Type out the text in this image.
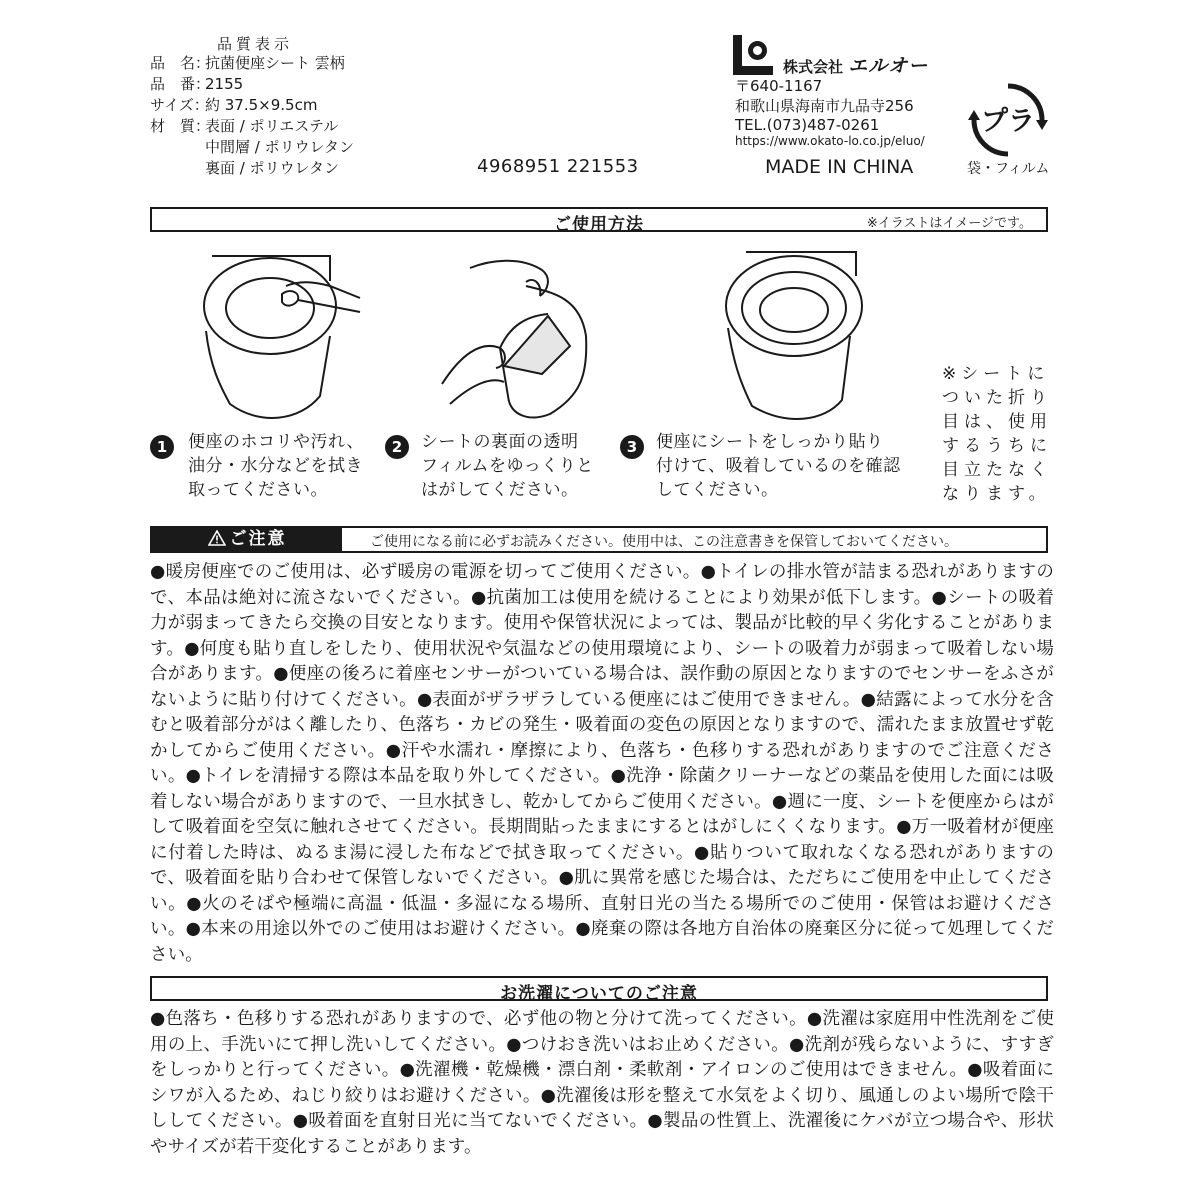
品質表示
品　名：抗菌便座シート 雲柄
品　番：2155
サイズ：約 37.5×9.5cm
材　質：表面 / ポリエステル
中間層 / ポリウレタン
裏面 / ポリウレタン	4968951 221553
株式会社 エルオー
〒640-1167
和歌山県海南市九品寺256
TEL.(073)487-0261
https://www.okato-lo.co.jp/eluo/
MADE IN CHINA
プラ
袋・フィルム
ご使用方法	※イラストはイメージです。
1	便座のホコリや汚れ、
油分・水分などを拭き
取ってください。
2	シートの裏面の透明
フィルムをゆっくりと
はがしてください。
3	便座にシートをしっかり貼り
付けて、吸着しているのを確認
してください。
※シートに
ついた折り
目は、使用
するうちに
目立たなく
なります。
ご注意	ご使用になる前に必ずお読みください。使用中は、この注意書きを保管しておいてください。
●暖房便座でのご使用は、必ず暖房の電源を切ってご使用ください。●トイレの排水管が詰まる恐れがありますので、本品は絶対に流さないでください。●抗菌加工は使用を続けることにより効果が低下します。●シートの吸着力が弱まってきたら交換の目安となります。使用や保管状況によっては、製品が比較的早く劣化することがあります。●何度も貼り直しをしたり、使用状況や気温などの使用環境により、シートの吸着力が弱まって吸着しない場合があります。●便座の後ろに着座センサーがついている場合は、誤作動の原因となりますのでセンサーをふさがないように貼り付けてください。●表面がザラザラしている便座にはご使用できません。●結露によって水分を含むと吸着部分がはく離したり、色落ち・カビの発生・吸着面の変色の原因となりますので、濡れたまま放置せず乾かしてからご使用ください。●汗や水濡れ・摩擦により、色落ち・色移りする恐れがありますのでご注意ください。●トイレを清掃する際は本品を取り外してください。●洗浄・除菌クリーナーなどの薬品を使用した面には吸着しない場合がありますので、一旦水拭きし、乾かしてからご使用ください。●週に一度、シートを便座からはがして吸着面を空気に触れさせてください。長期間貼ったままにするとはがしにくくなります。●万一吸着材が便座に付着した時は、ぬるま湯に浸した布などで拭き取ってください。●貼りついて取れなくなる恐れがありますので、吸着面を貼り合わせて保管しないでください。●肌に異常を感じた場合は、ただちにご使用を中止してください。●火のそばや極端に高温・低温・多湿になる場所、直射日光の当たる場所でのご使用・保管はお避けください。●本来の用途以外でのご使用はお避けください。●廃棄の際は各地方自治体の廃棄区分に従って処理してください。
お洗濯についてのご注意
●色落ち・色移りする恐れがありますので、必ず他の物と分けて洗ってください。●洗濯は家庭用中性洗剤をご使用の上、手洗いにて押し洗いしてください。●つけおき洗いはお止めください。●洗剤が残らないように、すすぎをしっかりと行ってください。●洗濯機・乾燥機・漂白剤・柔軟剤・アイロンのご使用はできません。●吸着面にシワが入るため、ねじり絞りはお避けください。●洗濯後は形を整えて水気をよく切り、風通しのよい場所で陰干ししてください。●吸着面を直射日光に当てないでください。●製品の性質上、洗濯後にケバが立つ場合や、形状やサイズが若干変化することがあります。
